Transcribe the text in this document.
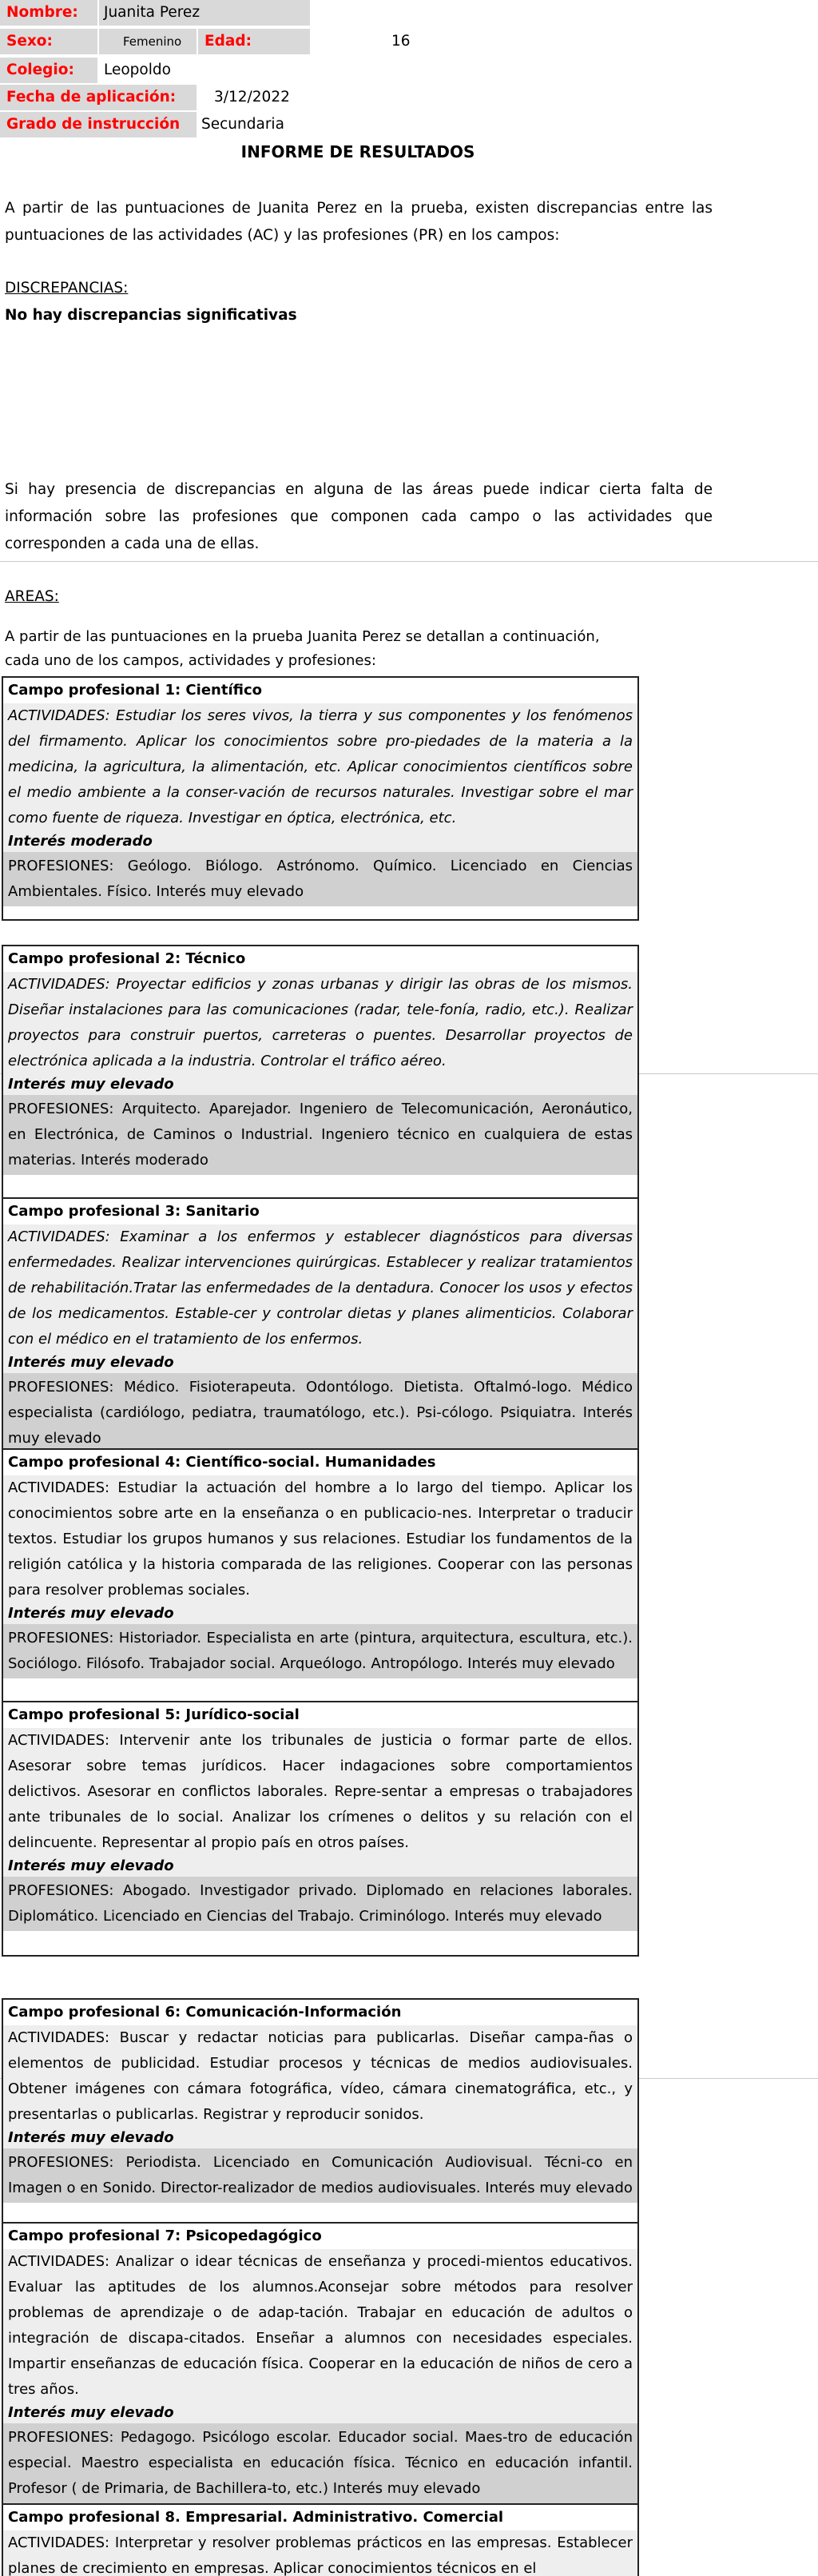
Nombre:	Juanita Perez
Sexo:	Femenino	Edad:	16
Colegio:	Leopoldo
Fecha de aplicación:	3/12/2022
Grado de instrucción	Secundaria
INFORME DE RESULTADOS
A partir de las puntuaciones de Juanita Perez en la prueba, existen discrepancias entre las puntuaciones de las actividades (AC) y las profesiones (PR) en los campos:
DISCREPANCIAS:
No hay discrepancias significativas
Si hay presencia de discrepancias en alguna de las áreas puede indicar cierta falta de información sobre las profesiones que componen cada campo o las actividades que corresponden a cada una de ellas.
AREAS:
A partir de las puntuaciones en la prueba Juanita Perez se detallan a continuación, cada uno de los campos, actividades y profesiones:
Campo profesional 1: Científico
ACTIVIDADES: Estudiar los seres vivos, la tierra y sus componentes y los fenómenos del firmamento. Aplicar los conocimientos sobre pro-piedades de la materia a la medicina, la agricultura, la alimentación, etc. Aplicar conocimientos científicos sobre el medio ambiente a la conser-vación de recursos naturales. Investigar sobre el mar como fuente de riqueza. Investigar en óptica, electrónica, etc.
Interés moderado
PROFESIONES: Geólogo. Biólogo. Astrónomo. Químico. Licenciado en Ciencias Ambientales. Físico. Interés muy elevado
Campo profesional 2: Técnico
ACTIVIDADES: Proyectar edificios y zonas urbanas y dirigir las obras de los mismos. Diseñar instalaciones para las comunicaciones (radar, tele-fonía, radio, etc.). Realizar proyectos para construir puertos, carreteras o puentes. Desarrollar proyectos de electrónica aplicada a la industria. Controlar el tráfico aéreo.
Interés muy elevado
PROFESIONES: Arquitecto. Aparejador. Ingeniero de Telecomunicación, Aeronáutico, en Electrónica, de Caminos o Industrial. Ingeniero técnico en cualquiera de estas materias. Interés moderado
Campo profesional 3: Sanitario
ACTIVIDADES: Examinar a los enfermos y establecer diagnósticos para diversas enfermedades. Realizar intervenciones quirúrgicas. Establecer y realizar tratamientos de rehabilitación.Tratar las enfermedades de la dentadura. Conocer los usos y efectos de los medicamentos. Estable-cer y controlar dietas y planes alimenticios. Colaborar con el médico en el tratamiento de los enfermos.
Interés muy elevado
PROFESIONES: Médico. Fisioterapeuta. Odontólogo. Dietista. Oftalmó-logo. Médico especialista (cardiólogo, pediatra, traumatólogo, etc.). Psi-cólogo. Psiquiatra. Interés muy elevado
Campo profesional 4: Científico-social. Humanidades
ACTIVIDADES: Estudiar la actuación del hombre a lo largo del tiempo. Aplicar los conocimientos sobre arte en la enseñanza o en publicacio-nes. Interpretar o traducir textos. Estudiar los grupos humanos y sus relaciones. Estudiar los fundamentos de la religión católica y la historia comparada de las religiones. Cooperar con las personas para resolver problemas sociales.
Interés muy elevado
PROFESIONES: Historiador. Especialista en arte (pintura, arquitectura, escultura, etc.). Sociólogo. Filósofo. Trabajador social. Arqueólogo. Antropólogo. Interés muy elevado
Campo profesional 5: Jurídico-social
ACTIVIDADES: Intervenir ante los tribunales de justicia o formar parte de ellos. Asesorar sobre temas jurídicos. Hacer indagaciones sobre comportamientos delictivos. Asesorar en conflictos laborales. Repre-sentar a empresas o trabajadores ante tribunales de lo social. Analizar los crímenes o delitos y su relación con el delincuente. Representar al propio país en otros países.
Interés muy elevado
PROFESIONES: Abogado. Investigador privado. Diplomado en relaciones laborales. Diplomático. Licenciado en Ciencias del Trabajo. Criminólogo. Interés muy elevado
Campo profesional 6: Comunicación-Información
ACTIVIDADES: Buscar y redactar noticias para publicarlas. Diseñar campa-ñas o elementos de publicidad. Estudiar procesos y técnicas de medios audiovisuales. Obtener imágenes con cámara fotográfica, vídeo, cámara cinematográfica, etc., y presentarlas o publicarlas. Registrar y reproducir sonidos.
Interés muy elevado
PROFESIONES: Periodista. Licenciado en Comunicación Audiovisual. Técni-co en Imagen o en Sonido. Director-realizador de medios audiovisuales. Interés muy elevado
Campo profesional 7: Psicopedagógico
ACTIVIDADES: Analizar o idear técnicas de enseñanza y procedi-mientos educativos. Evaluar las aptitudes de los alumnos.Aconsejar sobre métodos para resolver problemas de aprendizaje o de adap-tación. Trabajar en educación de adultos o integración de discapa-citados. Enseñar a alumnos con necesidades especiales. Impartir enseñanzas de educación física. Cooperar en la educación de niños de cero a tres años.
Interés muy elevado
PROFESIONES: Pedagogo. Psicólogo escolar. Educador social. Maes-tro de educación especial. Maestro especialista en educación física. Técnico en educación infantil. Profesor ( de Primaria, de Bachillera-to, etc.) Interés muy elevado
Campo profesional 8. Empresarial. Administrativo. Comercial
ACTIVIDADES: Interpretar y resolver problemas prácticos en las empresas. Establecer planes de crecimiento en empresas. Aplicar conocimientos técnicos en el
